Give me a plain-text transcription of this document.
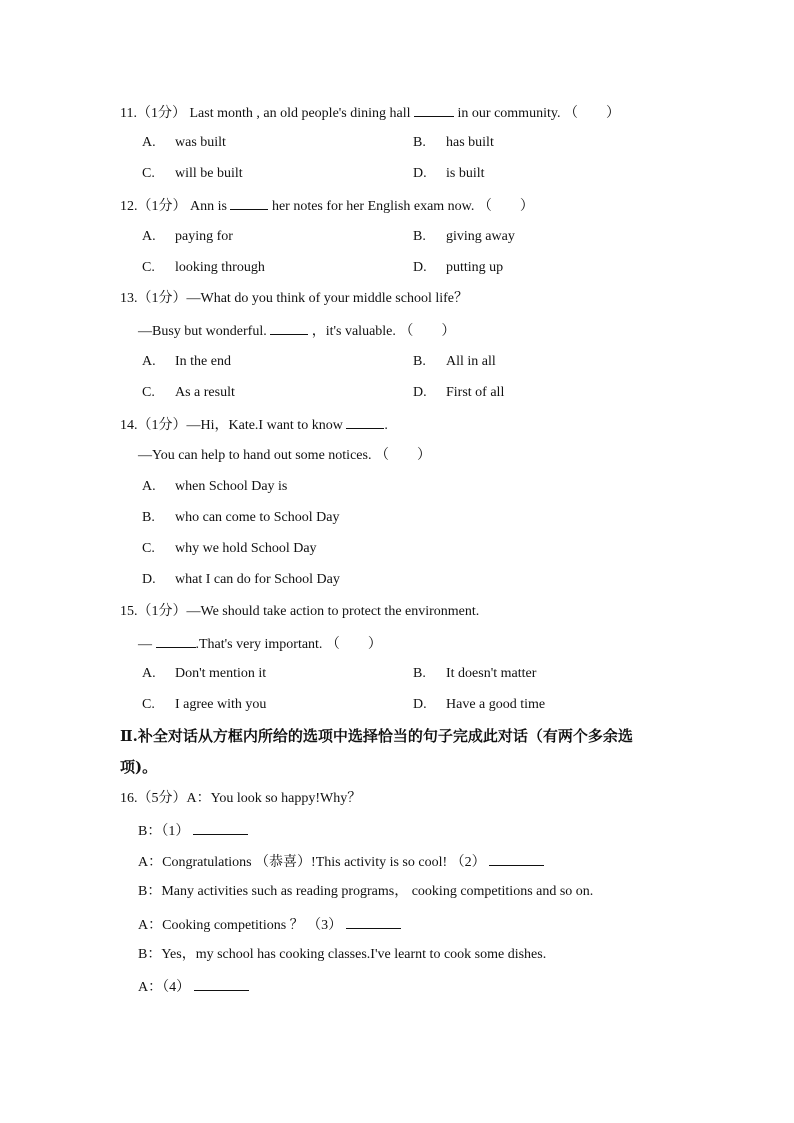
11.（1分） Last month , an old people's dining hall	in our community. （　　）
A. was built	B. has built
C. will be built	D. is built
12.（1分） Ann is	her notes for her English exam now. （　　）
A. paying for	B. giving away
C. looking through	D. putting up
13.（1分）—What do you think of your middle school life？
—Busy but wonderful.	，it's valuable. （　　）
A. In the end	B. All in all
C. As a result	D. First of all
14.（1分）—Hi，Kate.I want to know	.
—You can help to hand out some notices. （　　）
A. when School Day is
B. who can come to School Day
C. why we hold School Day
D. what I can do for School Day
15.（1分）—We should take action to protect the environment.
—	.That's very important. （　　）
A. Don't mention it	B. It doesn't matter
C. I agree with you	D. Have a good time
Ⅱ.补全对话从方框内所给的选项中选择恰当的句子完成此对话（有两个多余选
项)。
16.（5分）A：You look so happy!Why？
B：（1）
A：Congratulations （恭喜）!This activity is so cool! （2）
B：Many activities such as reading programs， cooking competitions and so on.
A：Cooking competitions ？ （3）
B：Yes，my school has cooking classes.I've learnt to cook some dishes.
A：（4）
